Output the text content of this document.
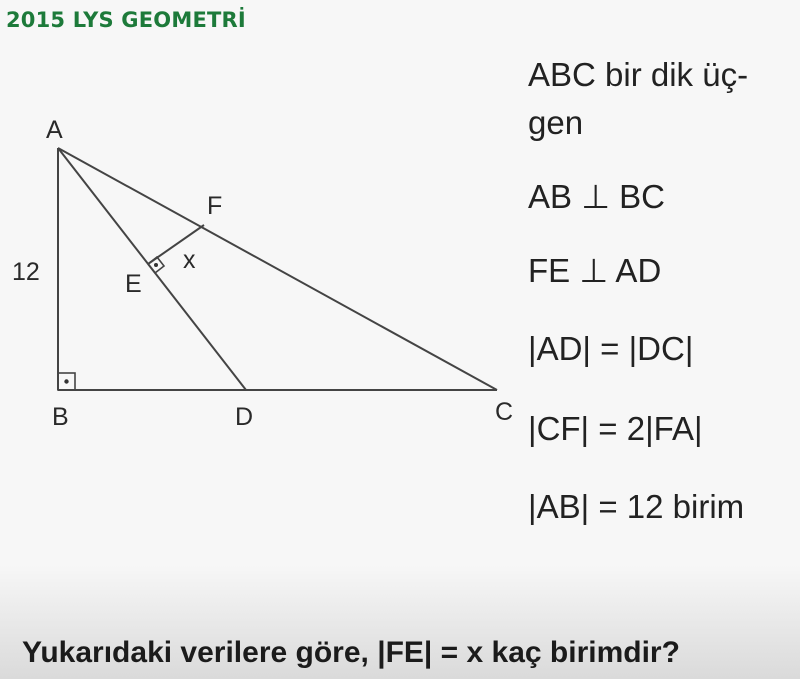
2015 LYS GEOMETRİ
A
B	D	C
E
F
12	x
ABC bir dik üç-
gen
AB ⊥ BC
FE ⊥ AD
|AD| = |DC|
|CF| = 2|FA|
|AB| = 12 birim
Yukarıdaki verilere göre, |FE| = x kaç birimdir?
